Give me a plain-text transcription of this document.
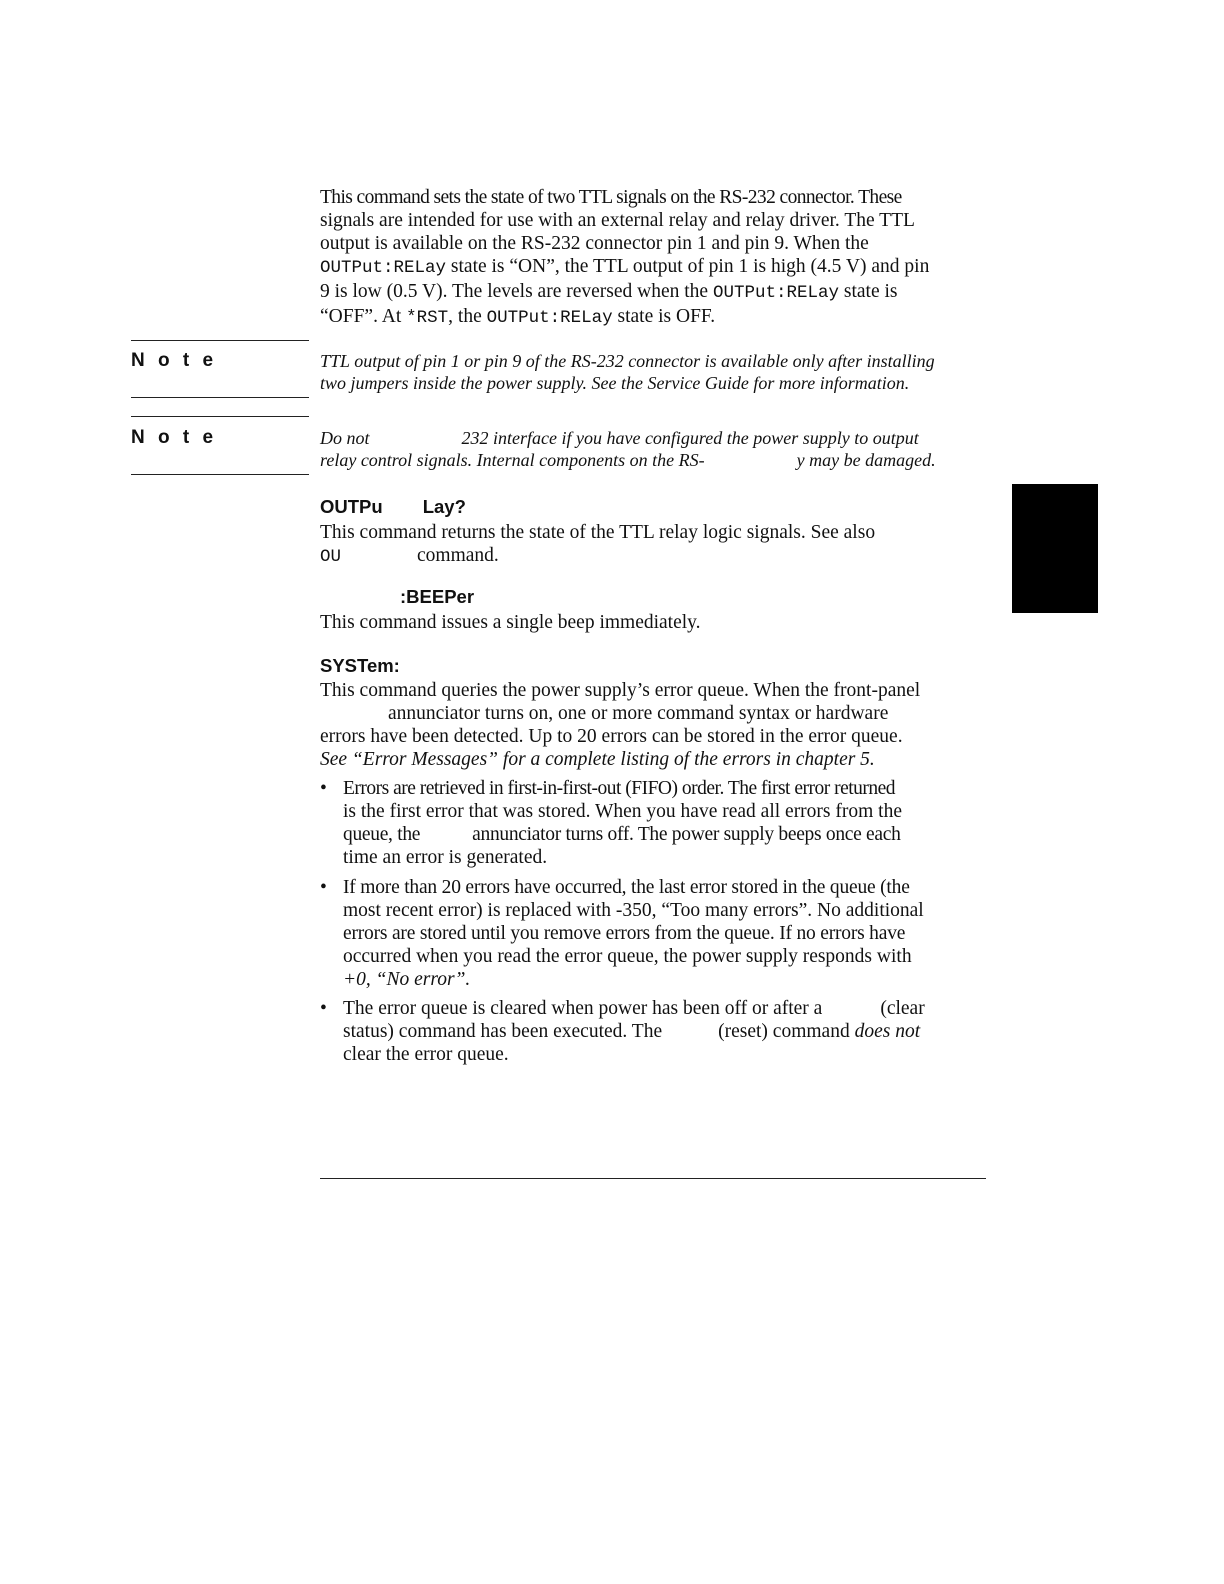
This command sets the state of two TTL signals on the RS-232 connector. These
signals are intended for use with an external relay and relay driver. The TTL
output is available on the RS-232 connector pin 1 and pin 9. When the
OUTPut:RELay state is “ON”, the TTL output of pin 1 is high (4.5 V) and pin
9 is low (0.5 V). The levels are reversed when the OUTPut:RELay state is
“OFF”. At *RST, the OUTPut:RELay state is OFF.
N o t e	TTL output of pin 1 or pin 9 of the RS-232 connector is available only after installing
two jumpers inside the power supply. See the Service Guide for more information.
N o t e	Do not	232 interface if you have configured the power supply to output
relay control signals. Internal components on the RS-	y may be damaged.
OUTPu Lay?
This command returns the state of the TTL relay logic signals. See also
OU	command.
:BEEPer
This command issues a single beep immediately.
SYSTem:
This command queries the power supply’s error queue. When the front-panel
annunciator turns on, one or more command syntax or hardware
errors have been detected. Up to 20 errors can be stored in the error queue.
See “Error Messages” for a complete listing of the errors in chapter 5.
• Errors are retrieved in first-in-first-out (FIFO) order. The first error returned
is the first error that was stored. When you have read all errors from the
queue, the	annunciator turns off. The power supply beeps once each
time an error is generated.
• If more than 20 errors have occurred, the last error stored in the queue (the
most recent error) is replaced with -350, “Too many errors”. No additional
errors are stored until you remove errors from the queue. If no errors have
occurred when you read the error queue, the power supply responds with
+0, “No error”.
• The error queue is cleared when power has been off or after a	(clear
status) command has been executed. The	(reset) command does not
clear the error queue.
